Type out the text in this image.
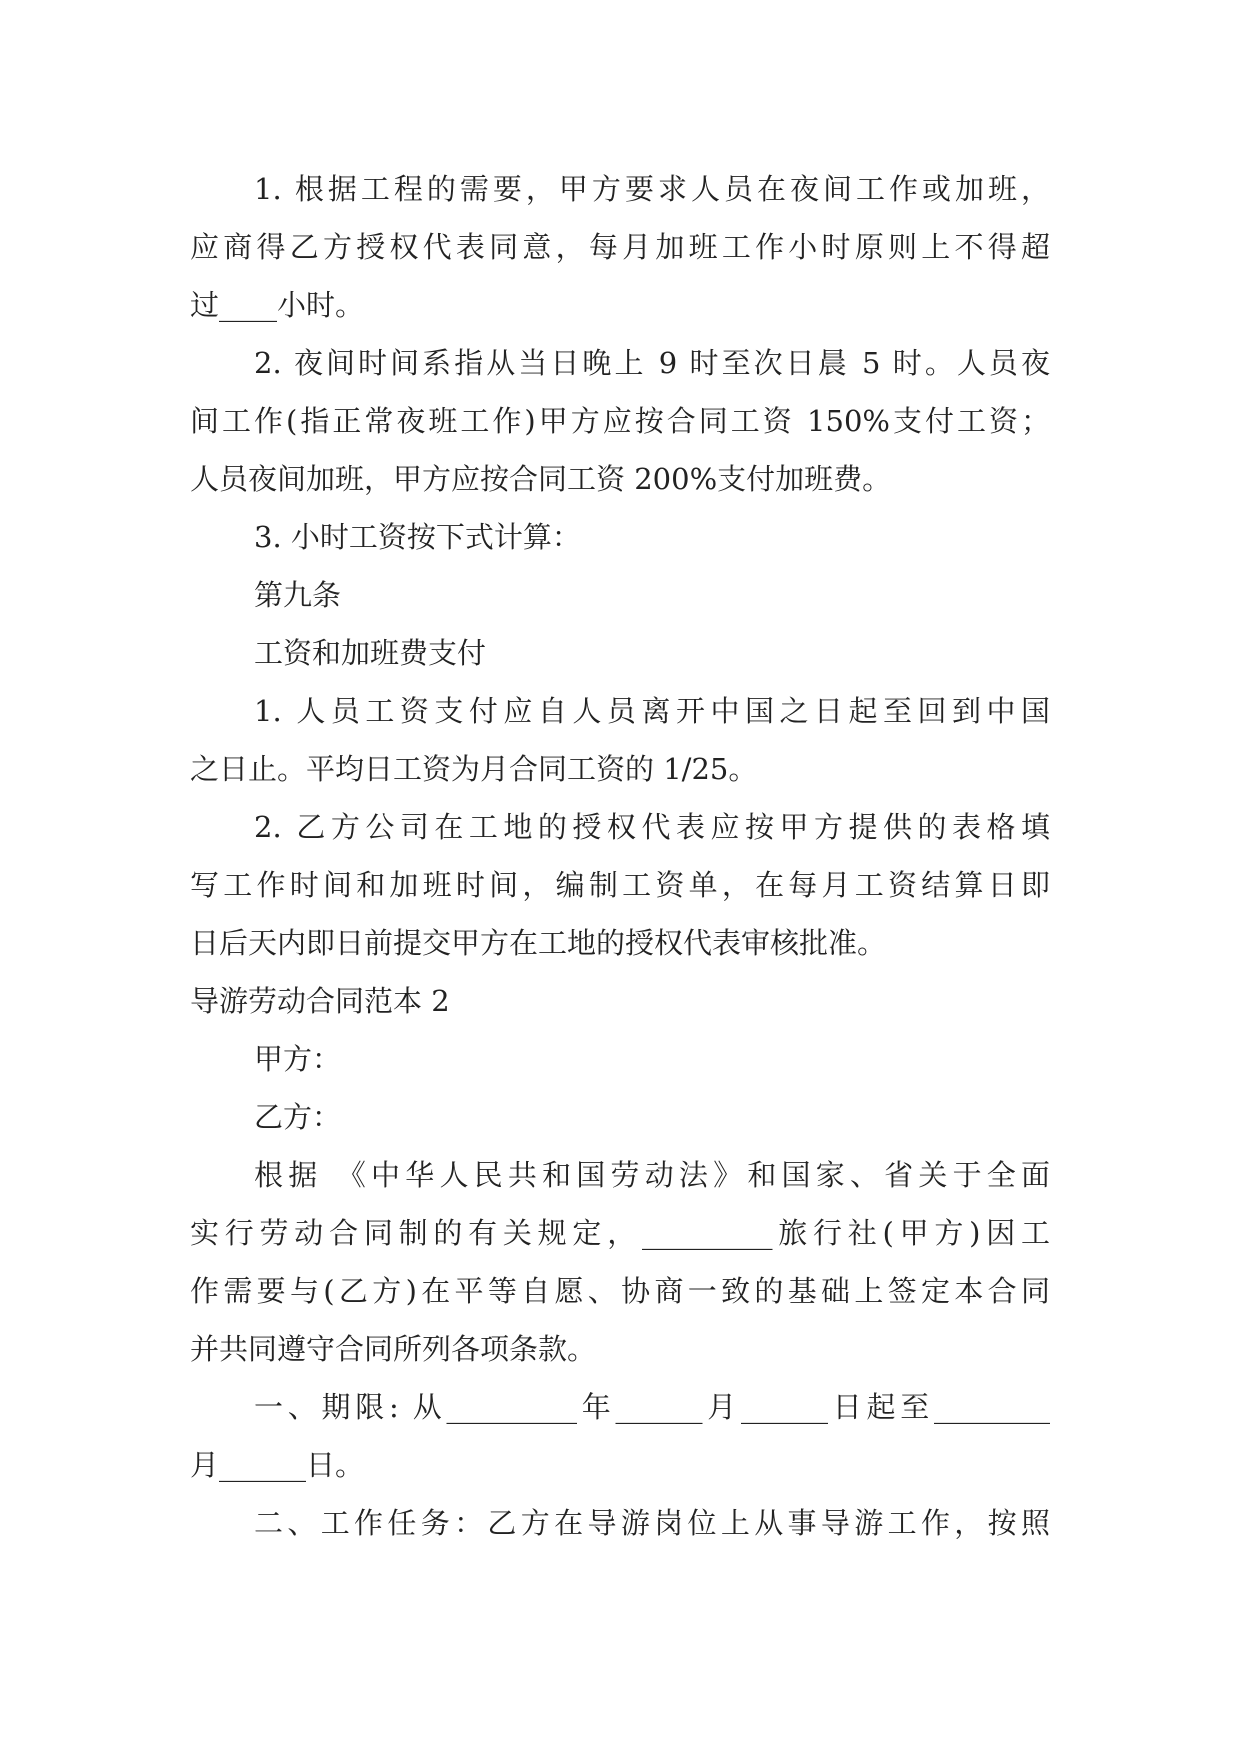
1. 根据工程的需要，甲方要求人员在夜间工作或加班，
应商得乙方授权代表同意，每月加班工作小时原则上不得超
过____小时。
2. 夜间时间系指从当日晚上 9 时至次日晨 5 时。人员夜
间工作(指正常夜班工作)甲方应按合同工资 150%支付工资；
人员夜间加班，甲方应按合同工资 200%支付加班费。
3. 小时工资按下式计算：
第九条
工资和加班费支付
1. 人员工资支付应自人员离开中国之日起至回到中国
之日止。平均日工资为月合同工资的 1/25。
2. 乙方公司在工地的授权代表应按甲方提供的表格填
写工作时间和加班时间，编制工资单，在每月工资结算日即
日后天内即日前提交甲方在工地的授权代表审核批准。
导游劳动合同范本 2
甲方：
乙方：
根据 《中华人民共和国劳动法》和国家、省关于全面
实行劳动合同制的有关规定，_________旅行社(甲方)因工
作需要与(乙方)在平等自愿、协商一致的基础上签定本合同
并共同遵守合同所列各项条款。
一、期限: 从_________年______月______日起至________
月______日。
二、工作任务：乙方在导游岗位上从事导游工作，按照
